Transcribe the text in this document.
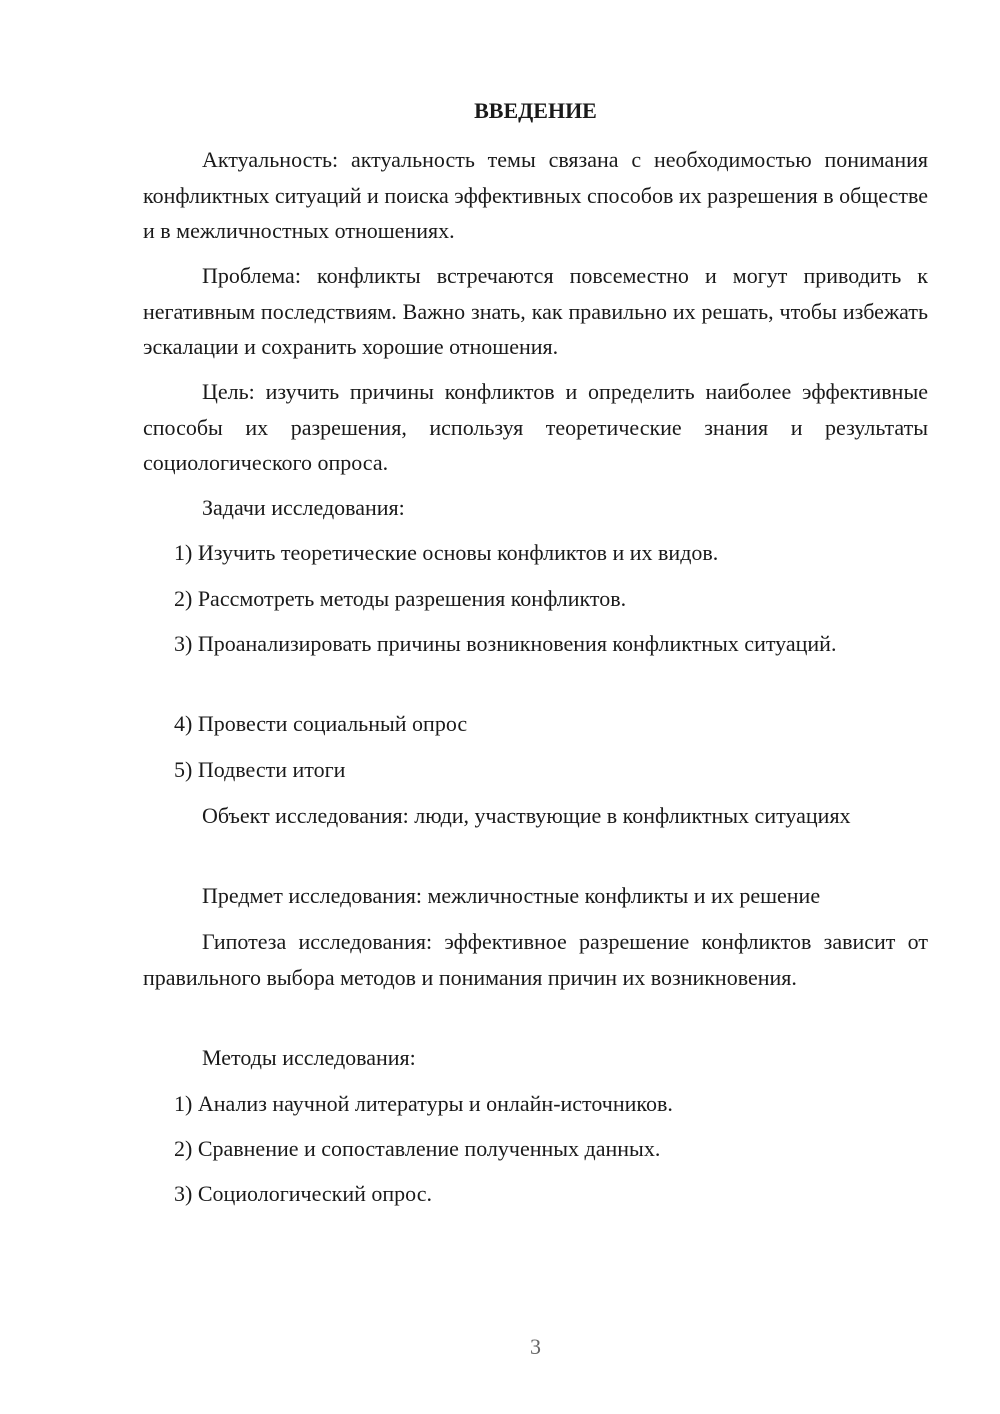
ВВЕДЕНИЕ

Актуальность: актуальность темы связана с необходимостью понимания конфликтных ситуаций и поиска эффективных способов их разрешения в обществе и в межличностных отношениях.

Проблема: конфликты встречаются повсеместно и могут приводить к негативным последствиям. Важно знать, как правильно их решать, чтобы избежать эскалации и сохранить хорошие отношения.

Цель: изучить причины конфликтов и определить наиболее эффективные способы их разрешения, используя теоретические знания и результаты социологического опроса.

Задачи исследования:

1) Изучить теоретические основы конфликтов и их видов.

2) Рассмотреть методы разрешения конфликтов.

3) Проанализировать причины возникновения конфликтных ситуаций.

4) Провести социальный опрос

5) Подвести итоги

Объект исследования: люди, участвующие в конфликтных ситуациях

Предмет исследования: межличностные конфликты и их решение

Гипотеза исследования: эффективное разрешение конфликтов зависит от правильного выбора методов и понимания причин их возникновения.

Методы исследования:

1) Анализ научной литературы и онлайн-источников.

2) Сравнение и сопоставление полученных данных.

3) Социологический опрос.

3
